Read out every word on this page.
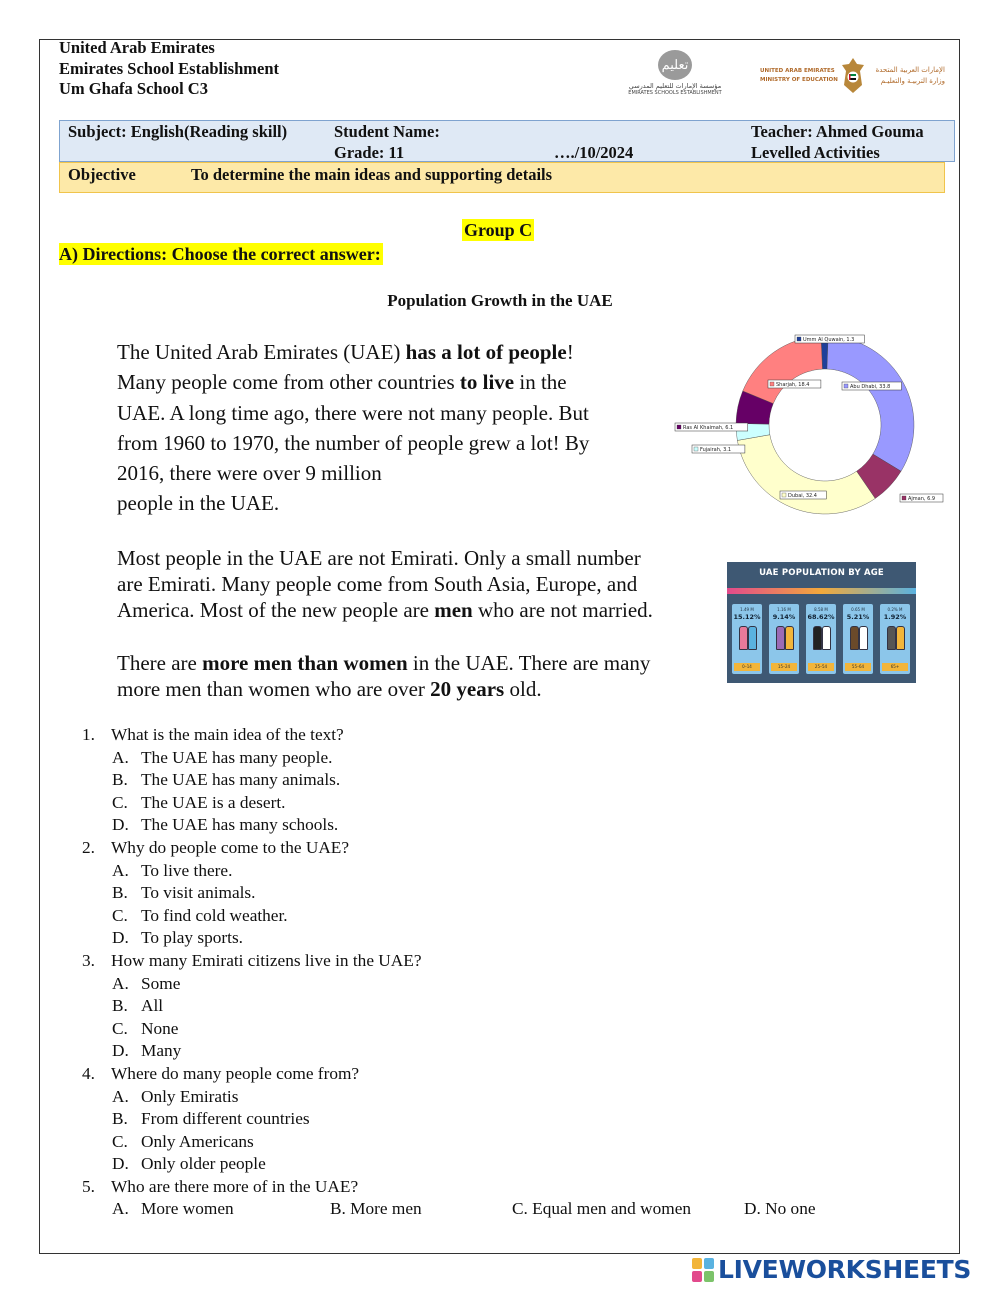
United Arab Emirates
Emirates School Establishment
Um Ghafa School C3
تعليم
مؤسسة الإمارات للتعليم المدرسي
EMIRATES SCHOOLS ESTABLISHMENT
UNITED ARAB EMIRATES
MINISTRY OF EDUCATION
الإمارات العربية المتحدة
وزارة التربيـة والتعليـم
Subject: English(Reading skill)	Student Name:	Teacher: Ahmed Gouma
Grade: 11	…./10/2024	Levelled Activities
Objective	To determine the main ideas and supporting details
Group C
A) Directions: Choose the correct answer:
Population Growth in the UAE
The United Arab Emirates (UAE) has a lot of people!
Many people come from other countries to live in the
UAE. A long time ago, there were not many people. But
from 1960 to 1970, the number of people grew a lot! By
2016, there were over 9 million
people in the UAE.
Most people in the UAE are not Emirati. Only a small number
are Emirati. Many people come from South Asia, Europe, and
America. Most of the new people are men who are not married.
There are more men than women in the UAE. There are many
more men than women who are over 20 years old.
Umm Al Quwain, 1.3
Abu Dhabi, 33.8
Ajman, 6.9
Dubai, 32.4
Fujairah, 3.1
Ras Al Khaimah, 6.1
Sharjah, 18.4
UAE POPULATION BY AGE
1.49 M
15.12%
0–14
1.16 M
9.14%
15–24
8.58 M
68.62%
25–54
0.65 M
5.21%
55–64
0.2% M
1.92%
65+
1. What is the main idea of the text?
A. The UAE has many people.
B. The UAE has many animals.
C. The UAE is a desert.
D. The UAE has many schools.
2. Why do people come to the UAE?
A. To live there.
B. To visit animals.
C. To find cold weather.
D. To play sports.
3. How many Emirati citizens live in the UAE?
A. Some
B. All
C. None
D. Many
4. Where do many people come from?
A. Only Emiratis
B. From different countries
C. Only Americans
D. Only older people
5. Who are there more of in the UAE?
A. More women	B. More men	C. Equal men and women	D. No one
LIVEWORKSHEETS
